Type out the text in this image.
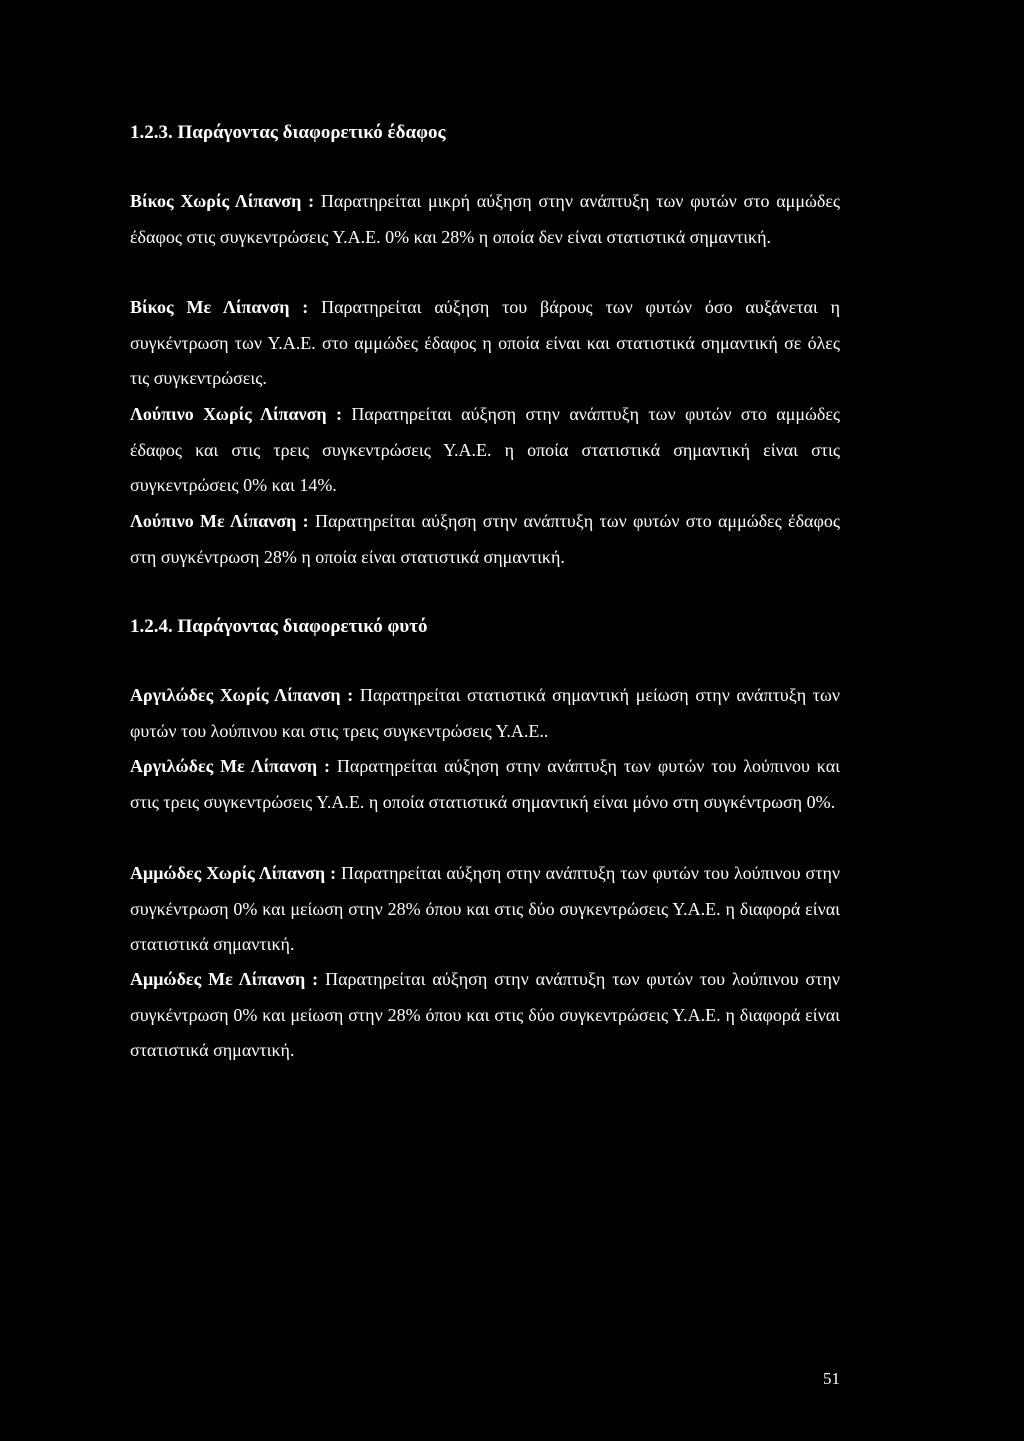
1.2.3. Παράγοντας διαφορετικό έδαφος
Βίκος Χωρίς Λίπανση : Παρατηρείται μικρή αύξηση στην ανάπτυξη των φυτών στο αμμώδες έδαφος στις συγκεντρώσεις Υ.Α.Ε. 0% και 28% η οποία δεν είναι στατιστικά σημαντική.
Βίκος Με Λίπανση : Παρατηρείται αύξηση του βάρους των φυτών όσο αυξάνεται η συγκέντρωση των Υ.Α.Ε. στο αμμώδες έδαφος η οποία είναι και στατιστικά σημαντική σε όλες τις συγκεντρώσεις.
Λούπινο Χωρίς Λίπανση : Παρατηρείται αύξηση στην ανάπτυξη των φυτών στο αμμώδες έδαφος και στις τρεις συγκεντρώσεις Υ.Α.Ε. η οποία στατιστικά σημαντική είναι στις συγκεντρώσεις 0% και 14%.
Λούπινο Με Λίπανση : Παρατηρείται αύξηση στην ανάπτυξη των φυτών στο αμμώδες έδαφος στη συγκέντρωση 28% η οποία είναι στατιστικά σημαντική.
1.2.4. Παράγοντας διαφορετικό φυτό
Αργιλώδες Χωρίς Λίπανση : Παρατηρείται στατιστικά σημαντική μείωση στην ανάπτυξη των φυτών του λούπινου και στις τρεις συγκεντρώσεις Υ.Α.Ε..
Αργιλώδες Με Λίπανση : Παρατηρείται αύξηση στην ανάπτυξη των φυτών του λούπινου και στις τρεις συγκεντρώσεις Υ.Α.Ε. η οποία στατιστικά σημαντική είναι μόνο στη συγκέντρωση 0%.
Αμμώδες Χωρίς Λίπανση : Παρατηρείται αύξηση στην ανάπτυξη των φυτών του λούπινου στην συγκέντρωση 0% και μείωση στην 28% όπου και στις δύο συγκεντρώσεις Υ.Α.Ε. η διαφορά είναι στατιστικά σημαντική.
Αμμώδες Με Λίπανση : Παρατηρείται αύξηση στην ανάπτυξη των φυτών του λούπινου στην συγκέντρωση 0% και μείωση στην 28% όπου και στις δύο συγκεντρώσεις Υ.Α.Ε. η διαφορά είναι στατιστικά σημαντική.
51
